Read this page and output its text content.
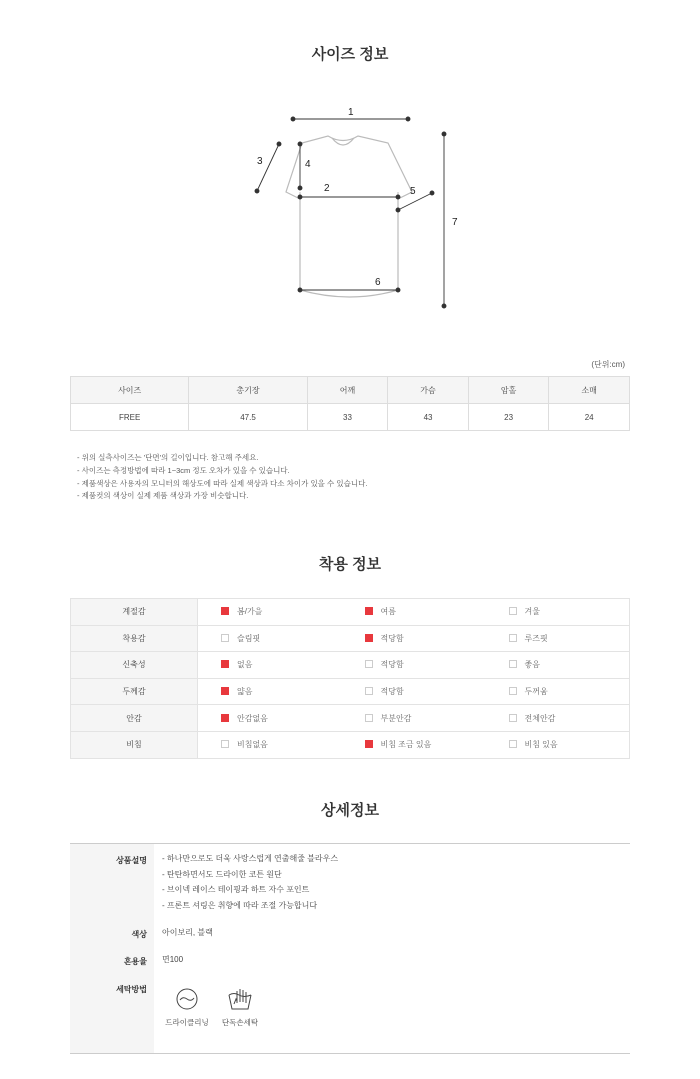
사이즈 정보
1
2
3	4
5
6
7
(단위:cm)
사이즈	총기장	어깨	가슴	암홀	소매
FREE	47.5	33	43	23	24
- 위의 실측사이즈는 '단면'의 길이입니다. 참고해 주세요.
- 사이즈는 측정방법에 따라 1~3cm 정도 오차가 있을 수 있습니다.
- 제품색상은 사용자의 모니터의 해상도에 따라 실제 색상과 다소 차이가 있을 수 있습니다.
- 제품컷의 색상이 실제 제품 색상과 가장 비슷합니다.
착용 정보
계절감	봄/가을	여름	겨울
착용감	슬림핏	적당함	루즈핏
신축성	없음	적당함	좋음
두께감	얇음	적당함	두꺼움
안감	안감없음	부분안감	전체안감
비침	비침없음	비침 조금 있음	비침 있음
상세정보
상품설명 - 하나만으로도 더욱 사랑스럽게 연출해줄 블라우스
- 탄탄하면서도 드라이한 코튼 원단
- 브이넥 레이스 테이핑과 하트 자수 포인트
- 프론트 셔링은 취향에 따라 조절 가능합니다
색상 아이보리, 블랙
혼용율 면100
세탁방법
드라이클리닝	단독손세탁
